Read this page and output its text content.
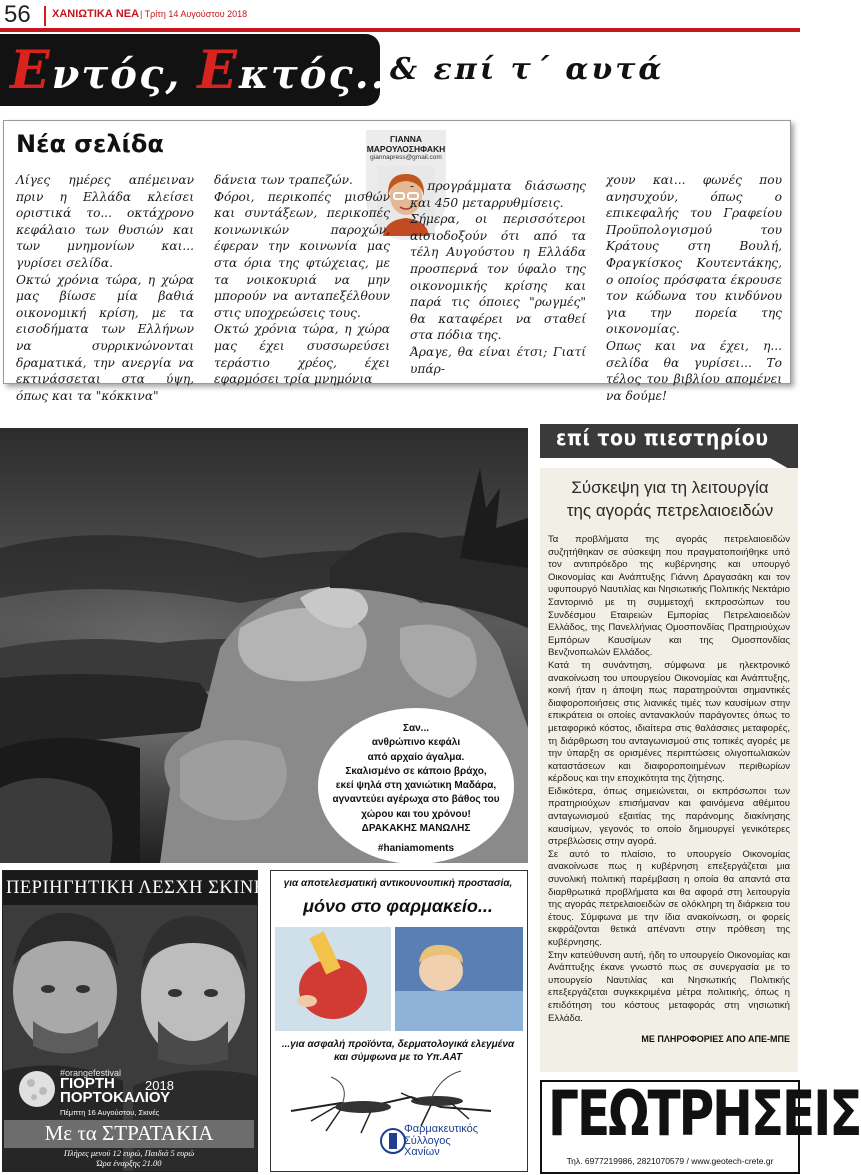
56 ΧΑΝΙΩΤΙΚΑ ΝΕΑ | Τρίτη 14 Αυγούστου 2018
Εντός, Εκτός...
& επί τ΄ αυτά
Νέα σελίδα	ΓΙΑΝΝΑ
ΜΑΡΟΥΛΟΣΗΦΑΚΗ
giannapress@gmail.com
Λίγες ημέρες απέμειναν πριν η Ελλάδα κλείσει οριστικά το... οκτάχρονο κεφάλαιο των θυσιών και των μνημονίων και... γυρίσει σελίδα.
Οκτώ χρόνια τώρα, η χώρα μας βίωσε μία βαθιά οικονομική κρίση, με τα εισοδήματα των Ελλήνων να συρρικνώνονται δραματικά, την ανεργία να εκτινάσσεται στα ύψη, όπως και τα "κόκκινα"
δάνεια των τραπεζών.
Φόροι, περικοπές μισθών και συντάξεων, περικοπές κοινωνικών παροχών, έφεραν την κοινωνία μας στα όρια της φτώχειας, με τα νοικοκυριά να μην μπορούν να ανταπεξέλθουν στις υποχρεώσεις τους.
Οκτώ χρόνια τώρα, η χώρα μας έχει συσσωρεύσει τεράστιο χρέος, έχει εφαρμόσει τρία μνημόνια
- προγράμματα διάσωσης και 450 μεταρρυθμίσεις.
Σήμερα, οι περισσότεροι αισιοδοξούν ότι από τα τέλη Αυγούστου η Ελλάδα προσπερνά τον ύφαλο της οικονομικής κρίσης και παρά τις όποιες "ρωγμές" θα καταφέρει να σταθεί στα πόδια της.
Άραγε, θα είναι έτσι; Γιατί υπάρ-
χουν και... φωνές που ανησυχούν, όπως ο επικεφαλής του Γραφείου Προϋπολογισμού του Κράτους στη Βουλή, Φραγκίσκος Κουτεντάκης, ο οποίος πρόσφατα έκρουσε τον κώδωνα του κινδύνου για την πορεία της οικονομίας.
Οπως και να έχει, η... σελίδα θα γυρίσει... Το τέλος του βιβλίου απομένει να δούμε!
Σαν...
ανθρώπινο κεφάλι
από αρχαίο άγαλμα.
Σκαλισμένο σε κάποιο βράχο,
εκεί ψηλά στη χανιώτικη Μαδάρα,
αγναντεύει αγέρωχα στο βάθος του
χώρου και του χρόνου!
ΔΡΑΚΑΚΗΣ ΜΑΝΩΛΗΣ
#haniamoments
επί του πιεστηρίου
Σύσκεψη για τη λειτουργία
της αγοράς πετρελαιοειδών
Τα προβλήματα της αγοράς πετρελαιοειδών συζητήθηκαν σε σύσκεψη που πραγματοποιήθηκε υπό τον αντιπρόεδρο της κυβέρνησης και υπουργό Οικονομίας και Ανάπτυξης Γιάννη Δραγασάκη και τον υφυπουργό Ναυτιλίας και Νησιωτικής Πολιτικής Νεκτάριο Σαντορινιό με τη συμμετοχή εκπροσώπων του Συνδέσμου Εταιρειών Εμπορίας Πετρελαιοειδών Ελλάδος, της Πανελλήνιας Ομοσπονδίας Πρατηριούχων Εμπόρων Καυσίμων και της Ομοσπονδίας Βενζινοπωλών Ελλάδος.
Κατά τη συνάντηση, σύμφωνα με ηλεκτρονικό ανακοίνωση του υπουργείου Οικονομίας και Ανάπτυξης, κοινή ήταν η άποψη πως παρατηρούνται σημαντικές διαφοροποιήσεις στις λιανικές τιμές των καυσίμων στην επικράτεια οι οποίες αντανακλούν παράγοντες όπως το μεταφορικό κόστος, ιδιαίτερα στις θαλάσσιες μεταφορές, τη διάρθρωση του ανταγωνισμού στις τοπικές αγορές με την ύπαρξη σε ορισμένες περιπτώσεις ολιγοπωλιακών καταστάσεων και διαφοροποιημένων περιθωρίων κέρδους και την εποχικότητα της ζήτησης.
Ειδικότερα, όπως σημειώνεται, οι εκπρόσωποι των πρατηριούχων επισήμαναν και φαινόμενα αθέμιτου ανταγωνισμού εξαιτίας της παράνομης διακίνησης καυσίμων, γεγονός το οποίο δημιουργεί γενικότερες στρεβλώσεις στην αγορά.
Σε αυτό το πλαίσιο, το υπουργείο Οικονομίας ανακοίνωσε πως η κυβέρνηση επεξεργάζεται μια συνολική πολιτική παρέμβαση η οποία θα απαντά στα διαρθρωτικά προβλήματα και θα αφορά στη λειτουργία της αγοράς πετρελαιοειδών σε ολόκληρη τη διάρκεια του έτους. Σύμφωνα με την ίδια ανακοίνωση, οι φορείς εκφράζονται θετικά απέναντι στην πρόθεση της κυβέρνησης.
Στην κατεύθυνση αυτή, ήδη το υπουργείο Οικονομίας και Ανάπτυξης έκανε γνωστό πως σε συνεργασία με το υπουργείο Ναυτιλίας και Νησιωτικής Πολιτικής επεξεργάζεται συγκεκριμένα μέτρα πολιτικής, όπως η επιδότηση του κόστους μεταφοράς στη νησιωτική Ελλάδα.
ΜΕ ΠΛΗΡΟΦΟΡΙΕΣ ΑΠΟ ΑΠΕ-ΜΠΕ
ΠΕΡΙΗΓΗΤΙΚΗ ΛΕΣΧΗ ΣΚΙΝΕ
#orangefestival
ΓΙΟΡΤΗ
ΠΟΡΤΟΚΑΛΙΟΥ
2018
Πέμπτη 16 Αυγούστου, Σκινές
Με τα ΣΤΡΑΤΑΚΙΑ
Πλήρες μενού 12 ευρώ, Παιδιά 5 ευρώ
Ώρα έναρξης 21.00
για αποτελεσματική αντικουνουπική προστασία,
μόνο στο φαρμακείο...
...για ασφαλή προϊόντα, δερματολογικά ελεγμένα
και σύμφωνα με το Υπ.ΑΑΤ
Φαρμακευτικός
Σύλλογος
Χανίων
ΓΕΩΤΡΗΣΕΙΣ
Τηλ. 6977219986, 2821070579 / www.geotech-crete.gr
